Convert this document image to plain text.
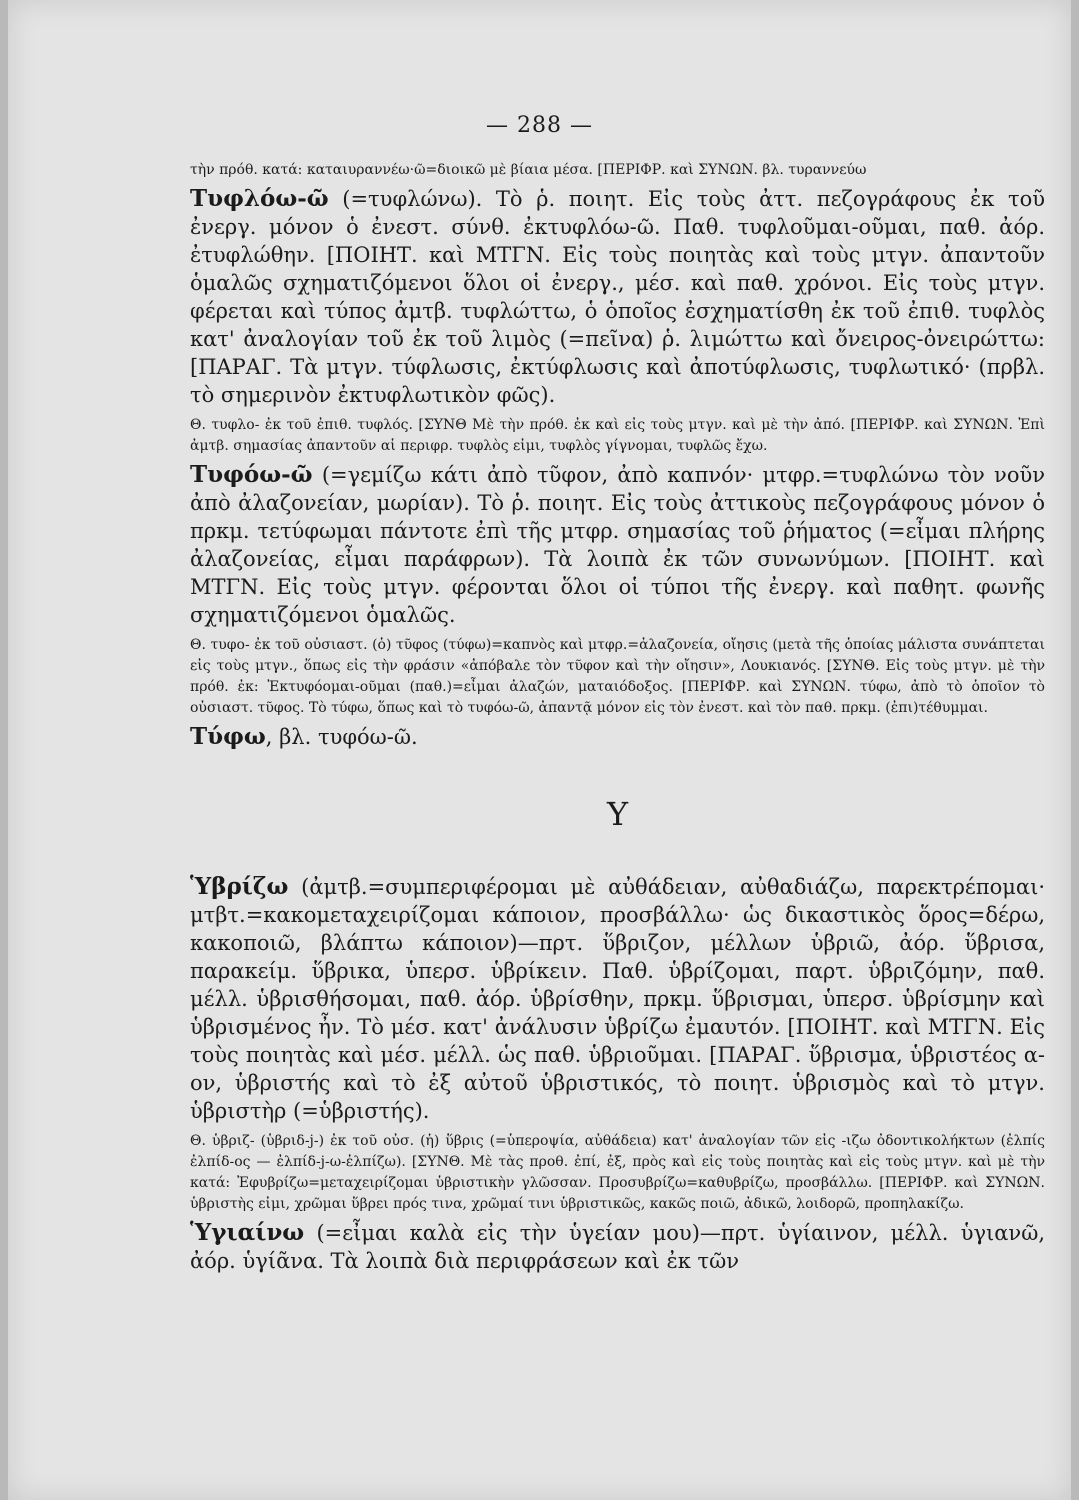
— 288 —

τὴν πρόθ. κατά: καταιυραννέω·ῶ=διοικῶ μὲ βίαια μέσα. [ΠΕΡΙΦΡ. καὶ ΣΥΝΩΝ. βλ. τυραννεύω

Τυφλόω-ῶ (=τυφλώνω). Τὸ ῥ. ποιητ. Εἰς τοὺς ἀττ. πεζογράφους ἐκ τοῦ ἐνεργ. μόνον ὁ ἐνεστ. σύνθ. ἐκτυφλόω-ῶ. Παθ. τυφλοῦμαι-οῦμαι, παθ. ἀόρ. ἐτυφλώθην. [ΠΟΙΗΤ. καὶ ΜΤΓΝ. Εἰς τοὺς ποιητὰς καὶ τοὺς μτγν. ἀπαντοῦν ὁμαλῶς σχηματιζόμενοι ὅλοι οἱ ἐνεργ., μέσ. καὶ παθ. χρόνοι. Εἰς τοὺς μτγν. φέρεται καὶ τύπος ἀμτβ. τυφλώττω, ὁ ὁποῖος ἐσχηματίσθη ἐκ τοῦ ἐπιθ. τυφλὸς κατ' ἀναλογίαν τοῦ ἐκ τοῦ λιμὸς (=πεῖνα) ῥ. λιμώττω καὶ ὄνειρος-ὀνειρώττω: [ΠΑΡΑΓ. Τὰ μτγν. τύφλωσις, ἐκτύφλωσις καὶ ἀποτύφλωσις, τυφλωτικό· (πρβλ. τὸ σημερινὸν ἐκτυφλωτικὸν φῶς).

Θ. τυφλο- ἐκ τοῦ ἐπιθ. τυφλός. [ΣΥΝΘ Μὲ τὴν πρόθ. ἐκ καὶ εἰς τοὺς μτγν. καὶ μὲ τὴν ἀπό. [ΠΕΡΙΦΡ. καὶ ΣΥΝΩΝ. Ἐπὶ ἀμτβ. σημασίας ἀπαντοῦν αἱ περιφρ. τυφλὸς εἰμι, τυφλὸς γίγνομαι, τυφλῶς ἔχω.

Τυφόω-ῶ (=γεμίζω κάτι ἀπὸ τῦφον, ἀπὸ καπνόν· μτφρ.=τυφλώνω τὸν νοῦν ἀπὸ ἀλαζονείαν, μωρίαν). Τὸ ῥ. ποιητ. Εἰς τοὺς ἀττικοὺς πεζογράφους μόνον ὁ πρκμ. τετύφωμαι πάντοτε ἐπὶ τῆς μτφρ. σημασίας τοῦ ῥήματος (=εἶμαι πλήρης ἀλαζονείας, εἶμαι παράφρων). Τὰ λοιπὰ ἐκ τῶν συνωνύμων. [ΠΟΙΗΤ. καὶ ΜΤΓΝ. Εἰς τοὺς μτγν. φέρονται ὅλοι οἱ τύποι τῆς ἐνεργ. καὶ παθητ. φωνῆς σχηματιζόμενοι ὁμαλῶς.

Θ. τυφο- ἐκ τοῦ οὐσιαστ. (ὁ) τῦφος (τύφω)=καπνὸς καὶ μτφρ.=ἀλαζονεία, οἴησις (μετὰ τῆς ὁποίας μάλιστα συνάπτεται εἰς τοὺς μτγν., ὅπως εἰς τὴν φράσιν «ἀπόβαλε τὸν τῦφον καὶ τὴν οἴησιν», Λουκιανός. [ΣΥΝΘ. Εἰς τοὺς μτγν. μὲ τὴν πρόθ. ἐκ: Ἐκτυφόομαι-οῦμαι (παθ.)=εἶμαι ἀλαζών, ματαιόδοξος. [ΠΕΡΙΦΡ. καὶ ΣΥΝΩΝ. τύφω, ἀπὸ τὸ ὁποῖον τὸ οὐσιαστ. τῦφος. Τὸ τύφω, ὅπως καὶ τὸ τυφόω-ῶ, ἀπαντᾷ μόνον εἰς τὸν ἐνεστ. καὶ τὸν παθ. πρκμ. (ἐπι)τέθυμμαι.

Τύφω, βλ. τυφόω-ῶ.

Υ

Ὑβρίζω (ἀμτβ.=συμπεριφέρομαι μὲ αὐθάδειαν, αὐθαδιάζω, παρεκτρέπομαι· μτβτ.=κακομεταχειρίζομαι κάποιον, προσβάλλω· ὡς δικαστικὸς ὅρος=δέρω, κακοποιῶ, βλάπτω κάποιον)—πρτ. ὕβριζον, μέλλων ὑβριῶ, ἀόρ. ὕβρισα, παρακείμ. ὕβρικα, ὑπερσ. ὑβρίκειν. Παθ. ὑβρίζομαι, παρτ. ὑβριζόμην, παθ. μέλλ. ὑβρισθήσομαι, παθ. ἀόρ. ὑβρίσθην, πρκμ. ὕβρισμαι, ὑπερσ. ὑβρίσμην καὶ ὑβρισμένος ἦν. Τὸ μέσ. κατ' ἀνάλυσιν ὑβρίζω ἐμαυτόν. [ΠΟΙΗΤ. καὶ ΜΤΓΝ. Εἰς τοὺς ποιητὰς καὶ μέσ. μέλλ. ὡς παθ. ὑβριοῦμαι. [ΠΑΡΑΓ. ὕβρισμα, ὑβριστέος α-ον, ὑβριστής καὶ τὸ ἐξ αὐτοῦ ὑβριστικός, τὸ ποιητ. ὑβρισμὸς καὶ τὸ μτγν. ὑβριστὴρ (=ὑβριστής).

Θ. ὑβριζ- (ὑβριδ-j-) ἐκ τοῦ οὐσ. (ἡ) ὕβρις (=ὑπεροψία, αὐθάδεια) κατ' ἀναλογίαν τῶν εἰς -ιζω ὀδοντικολήκτων (ἐλπίς ἐλπίδ-ος — ἐλπίδ-j-ω-ἐλπίζω). [ΣΥΝΘ. Μὲ τὰς προθ. ἐπί, ἐξ, πρὸς καὶ εἰς τοὺς ποιητὰς καὶ εἰς τοὺς μτγν. καὶ μὲ τὴν κατά: Ἐφυβρίζω=μεταχειρίζομαι ὑβριστικὴν γλῶσσαν. Προσυβρίζω=καθυβρίζω, προσβάλλω. [ΠΕΡΙΦΡ. καὶ ΣΥΝΩΝ. ὑβριστὴς εἰμι, χρῶμαι ὕβρει πρός τινα, χρῶμαί τινι ὑβριστικῶς, κακῶς ποιῶ, ἀδικῶ, λοιδορῶ, προπηλακίζω.

Ὑγιαίνω (=εἶμαι καλὰ εἰς τὴν ὑγείαν μου)—πρτ. ὑγίαινον, μέλλ. ὑγιανῶ, ἀόρ. ὑγίᾶνα. Τὰ λοιπὰ διὰ περιφράσεων καὶ ἐκ τῶν
